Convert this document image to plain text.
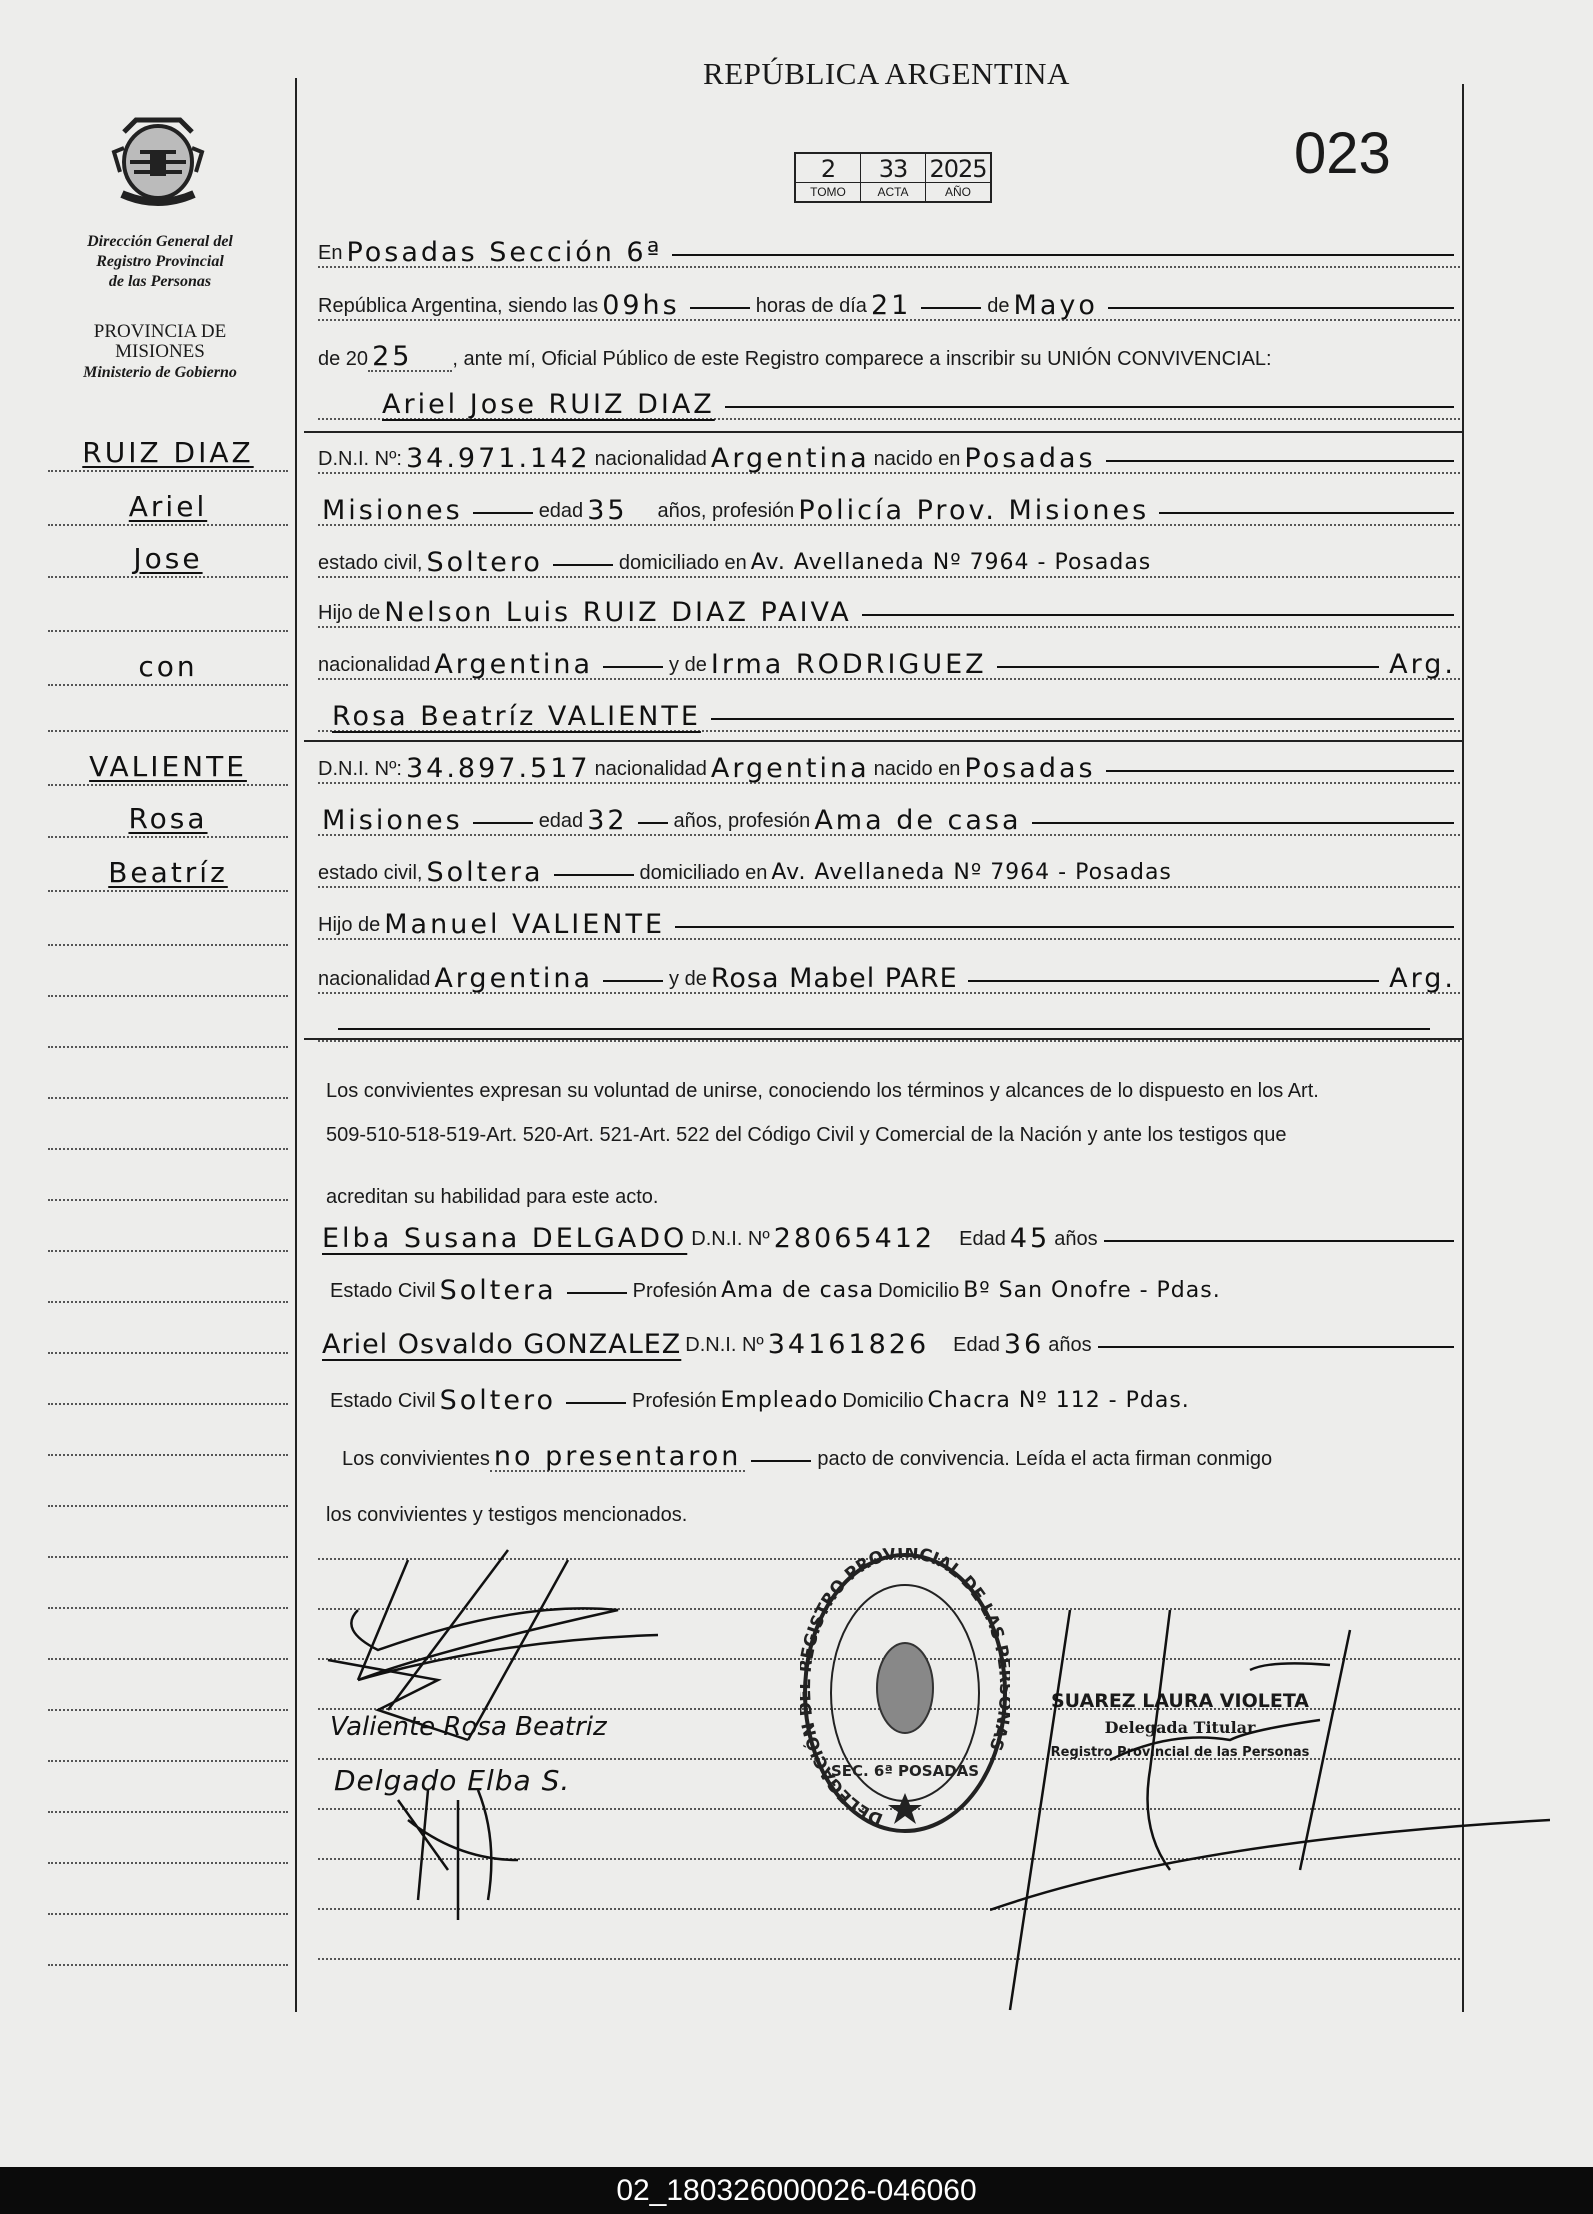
REPÚBLICA ARGENTINA
2
TOMO
33
ACTA
2025
AÑO
023
Dirección General del
Registro Provincial
de las Personas
PROVINCIA DE
MISIONES
Ministerio de Gobierno
RUIZ DIAZ
Ariel
Jose
con
VALIENTE
Rosa
Beatríz
En Posadas Sección 6ª
República Argentina, siendo las 09hs	horas de día 21	de Mayo
de 20 25	, ante mí, Oficial Público de este Registro comparece a inscribir su UNIÓN CONVIVENCIAL:
Ariel Jose RUIZ DIAZ
D.N.I. Nº: 34.971.142 nacionalidad Argentina nacido en Posadas
Misiones	edad 35	años, profesión Policía Prov. Misiones
estado civil, Soltero	domiciliado en Av. Avellaneda Nº 7964 - Posadas
Hijo de Nelson Luis RUIZ DIAZ PAIVA
nacionalidad Argentina	y de Irma RODRIGUEZ	Arg.
Rosa Beatríz VALIENTE
D.N.I. Nº: 34.897.517 nacionalidad Argentina nacido en Posadas
Misiones	edad 32 años, profesión Ama de casa
estado civil, Soltera	domiciliado en Av. Avellaneda Nº 7964 - Posadas
Hijo de Manuel VALIENTE
nacionalidad Argentina	y de Rosa Mabel PARE	Arg.
Los convivientes expresan su voluntad de unirse, conociendo los términos y alcances de lo dispuesto en los Art.
509-510-518-519-Art. 520-Art. 521-Art. 522 del Código Civil y Comercial de la Nación y ante los testigos que
acreditan su habilidad para este acto.
Elba Susana DELGADO D.N.I. Nº 28065412 Edad 45 años
Estado Civil Soltera	Profesión Ama de casa Domicilio Bº San Onofre - Pdas.
Ariel Osvaldo GONZALEZ D.N.I. Nº 34161826 Edad 36 años
Estado Civil Soltero	Profesión Empleado Domicilio Chacra Nº 112 - Pdas.
Los convivientes no presentaron	pacto de convivencia. Leída el acta firman conmigo
los convivientes y testigos mencionados.
Valiente Rosa Beatriz
Delgado Elba S.
DELEGACIÓN GISTRO PROVINCIAL DE LAS AS
SEC. 6ª POSADAS
SUAREZ LAURA VIOLETA
Delegada Titular
Registro Provincial de las Personas
02_180326000026-046060
